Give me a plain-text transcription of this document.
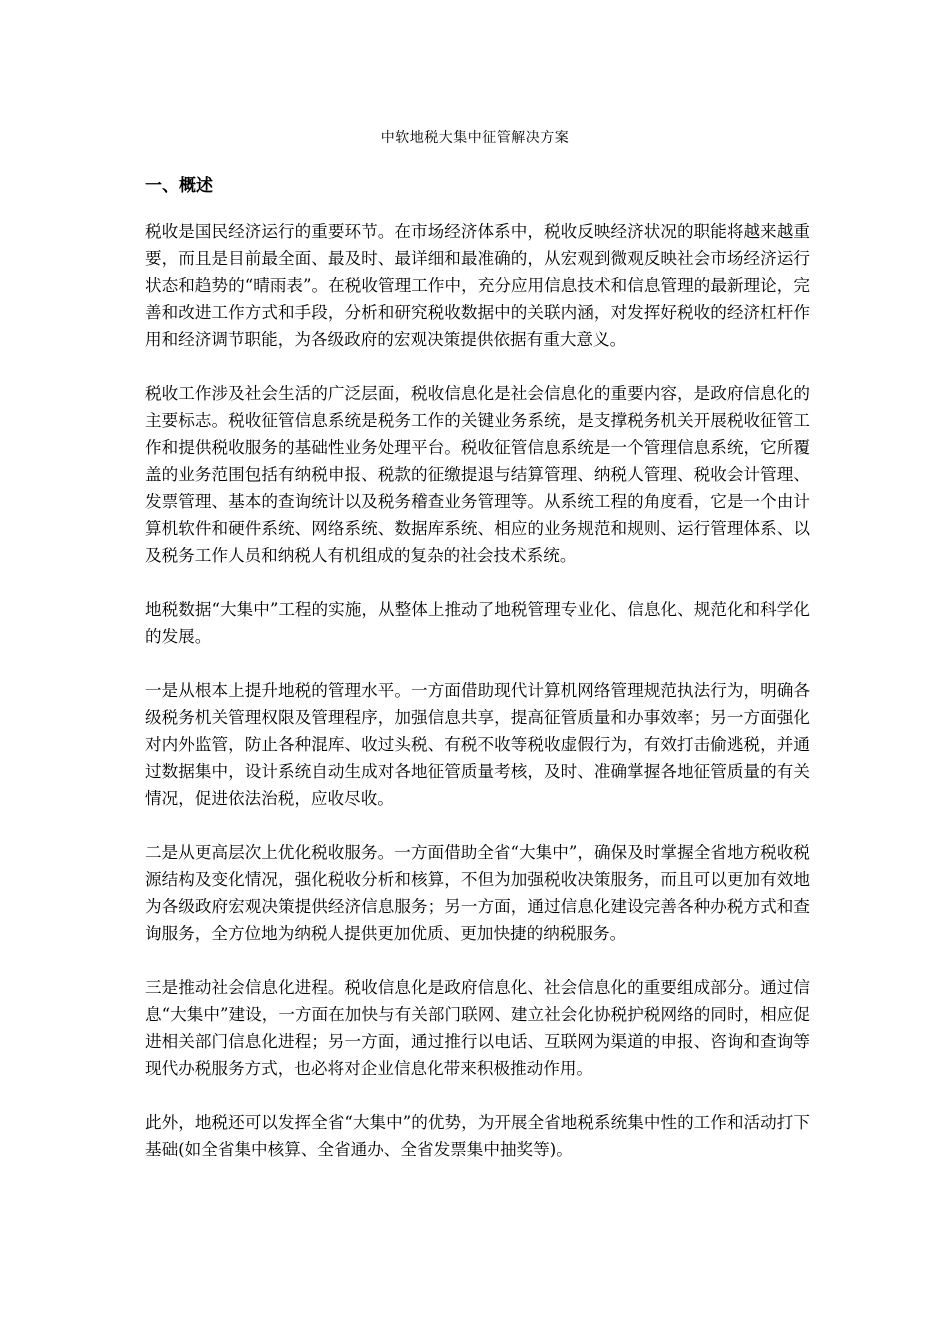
中软地税大集中征管解决方案
一、概述

税收是国民经济运行的重要环节。在市场经济体系中，税收反映经济状况的职能将越来越重要，而且是目前最全面、最及时、最详细和最准确的，从宏观到微观反映社会市场经济运行状态和趋势的“晴雨表”。在税收管理工作中，充分应用信息技术和信息管理的最新理论，完善和改进工作方式和手段，分析和研究税收数据中的关联内涵，对发挥好税收的经济杠杆作用和经济调节职能，为各级政府的宏观决策提供依据有重大意义。

税收工作涉及社会生活的广泛层面，税收信息化是社会信息化的重要内容，是政府信息化的主要标志。税收征管信息系统是税务工作的关键业务系统，是支撑税务机关开展税收征管工作和提供税收服务的基础性业务处理平台。税收征管信息系统是一个管理信息系统，它所覆盖的业务范围包括有纳税申报、税款的征缴提退与结算管理、纳税人管理、税收会计管理、发票管理、基本的查询统计以及税务稽查业务管理等。从系统工程的角度看，它是一个由计算机软件和硬件系统、网络系统、数据库系统、相应的业务规范和规则、运行管理体系、以及税务工作人员和纳税人有机组成的复杂的社会技术系统。

地税数据“大集中”工程的实施，从整体上推动了地税管理专业化、信息化、规范化和科学化的发展。

一是从根本上提升地税的管理水平。一方面借助现代计算机网络管理规范执法行为，明确各级税务机关管理权限及管理程序，加强信息共享，提高征管质量和办事效率；另一方面强化对内外监管，防止各种混库、收过头税、有税不收等税收虚假行为，有效打击偷逃税，并通过数据集中，设计系统自动生成对各地征管质量考核，及时、准确掌握各地征管质量的有关情况，促进依法治税，应收尽收。

二是从更高层次上优化税收服务。一方面借助全省“大集中”，确保及时掌握全省地方税收税源结构及变化情况，强化税收分析和核算，不但为加强税收决策服务，而且可以更加有效地为各级政府宏观决策提供经济信息服务；另一方面，通过信息化建设完善各种办税方式和查询服务，全方位地为纳税人提供更加优质、更加快捷的纳税服务。

三是推动社会信息化进程。税收信息化是政府信息化、社会信息化的重要组成部分。通过信息“大集中”建设，一方面在加快与有关部门联网、建立社会化协税护税网络的同时，相应促进相关部门信息化进程；另一方面，通过推行以电话、互联网为渠道的申报、咨询和查询等现代办税服务方式，也必将对企业信息化带来积极推动作用。

此外，地税还可以发挥全省“大集中”的优势，为开展全省地税系统集中性的工作和活动打下基础(如全省集中核算、全省通办、全省发票集中抽奖等)。
